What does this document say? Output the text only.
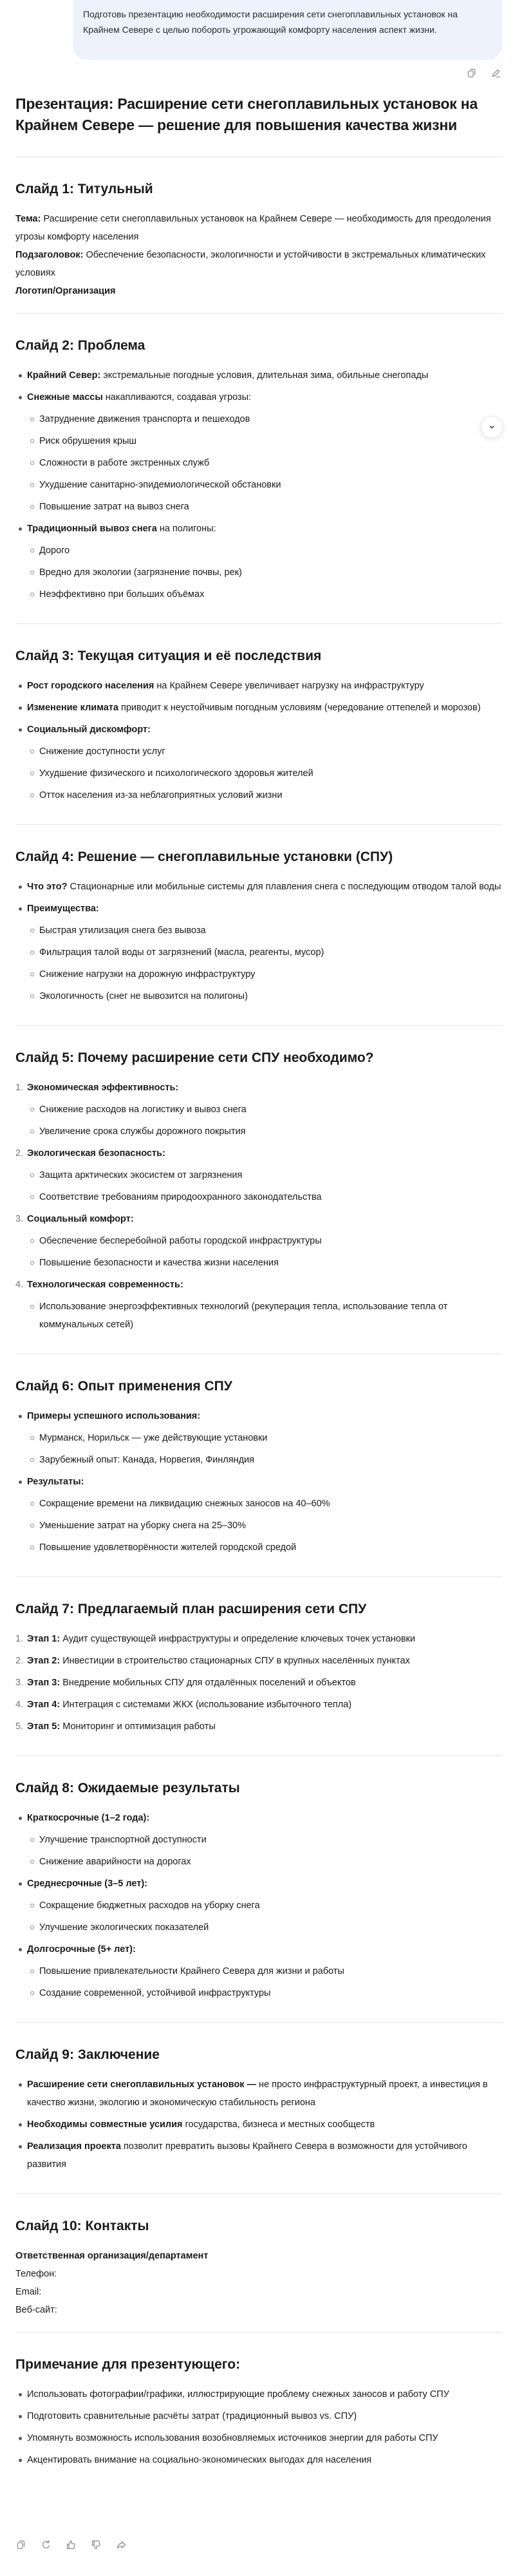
Подготовь презентацию необходимости расширения сети снегоплавильных установок на Крайнем Севере с целью побороть угрожающий комфорту населения аспект жизни.
Презентация: Расширение сети снегоплавильных установок на Крайнем Севере — решение для повышения качества жизни
Слайд 1: Титульный

Тема: Расширение сети снегоплавильных установок на Крайнем Севере — необходимость для преодоления угрозы комфорту населения

Подзаголовок: Обеспечение безопасности, экологичности и устойчивости в экстремальных климатических условиях

Логотип/Организация

Слайд 2: Проблема
Крайний Север: экстремальные погодные условия, длительная зима, обильные снегопады
Снежные массы накапливаются, создавая угрозы:
Затруднение движения транспорта и пешеходов
Риск обрушения крыш
Сложности в работе экстренных служб
Ухудшение санитарно-эпидемиологической обстановки
Повышение затрат на вывоз снега
Традиционный вывоз снега на полигоны:
Дорого
Вредно для экологии (загрязнение почвы, рек)
Неэффективно при больших объёмах
Слайд 3: Текущая ситуация и её последствия
Рост городского населения на Крайнем Севере увеличивает нагрузку на инфраструктуру
Изменение климата приводит к неустойчивым погодным условиям (чередование оттепелей и морозов)
Социальный дискомфорт:
Снижение доступности услуг
Ухудшение физического и психологического здоровья жителей
Отток населения из-за неблагоприятных условий жизни
Слайд 4: Решение — снегоплавильные установки (СПУ)
Что это? Стационарные или мобильные системы для плавления снега с последующим отводом талой воды
Преимущества:
Быстрая утилизация снега без вывоза
Фильтрация талой воды от загрязнений (масла, реагенты, мусор)
Снижение нагрузки на дорожную инфраструктуру
Экологичность (снег не вывозится на полигоны)
Слайд 5: Почему расширение сети СПУ необходимо?
1. Экономическая эффективность:
Снижение расходов на логистику и вывоз снега
Увеличение срока службы дорожного покрытия
2. Экологическая безопасность:
Защита арктических экосистем от загрязнения
Соответствие требованиям природоохранного законодательства
3. Социальный комфорт:
Обеспечение бесперебойной работы городской инфраструктуры
Повышение безопасности и качества жизни населения
4. Технологическая современность:
Использование энергоэффективных технологий (рекуперация тепла, использование тепла от коммунальных сетей)
Слайд 6: Опыт применения СПУ
Примеры успешного использования:
Мурманск, Норильск — уже действующие установки
Зарубежный опыт: Канада, Норвегия, Финляндия
Результаты:
Сокращение времени на ликвидацию снежных заносов на 40–60%
Уменьшение затрат на уборку снега на 25–30%
Повышение удовлетворённости жителей городской средой
Слайд 7: Предлагаемый план расширения сети СПУ
1. Этап 1: Аудит существующей инфраструктуры и определение ключевых точек установки
2. Этап 2: Инвестиции в строительство стационарных СПУ в крупных населённых пунктах
3. Этап 3: Внедрение мобильных СПУ для отдалённых поселений и объектов
4. Этап 4: Интеграция с системами ЖКХ (использование избыточного тепла)
5. Этап 5: Мониторинг и оптимизация работы
Слайд 8: Ожидаемые результаты
Краткосрочные (1–2 года):
Улучшение транспортной доступности
Снижение аварийности на дорогах
Среднесрочные (3–5 лет):
Сокращение бюджетных расходов на уборку снега
Улучшение экологических показателей
Долгосрочные (5+ лет):
Повышение привлекательности Крайнего Севера для жизни и работы
Создание современной, устойчивой инфраструктуры
Слайд 9: Заключение
Расширение сети снегоплавильных установок — не просто инфраструктурный проект, а инвестиция в качество жизни, экологию и экономическую стабильность региона
Необходимы совместные усилия государства, бизнеса и местных сообществ
Реализация проекта позволит превратить вызовы Крайнего Севера в возможности для устойчивого развития
Слайд 10: Контакты

Ответственная организация/департамент

Телефон:

Email:

Веб-сайт:

Примечание для презентующего:
Использовать фотографии/графики, иллюстрирующие проблему снежных заносов и работу СПУ
Подготовить сравнительные расчёты затрат (традиционный вывоз vs. СПУ)
Упомянуть возможность использования возобновляемых источников энергии для работы СПУ
Акцентировать внимание на социально-экономических выгодах для населения
